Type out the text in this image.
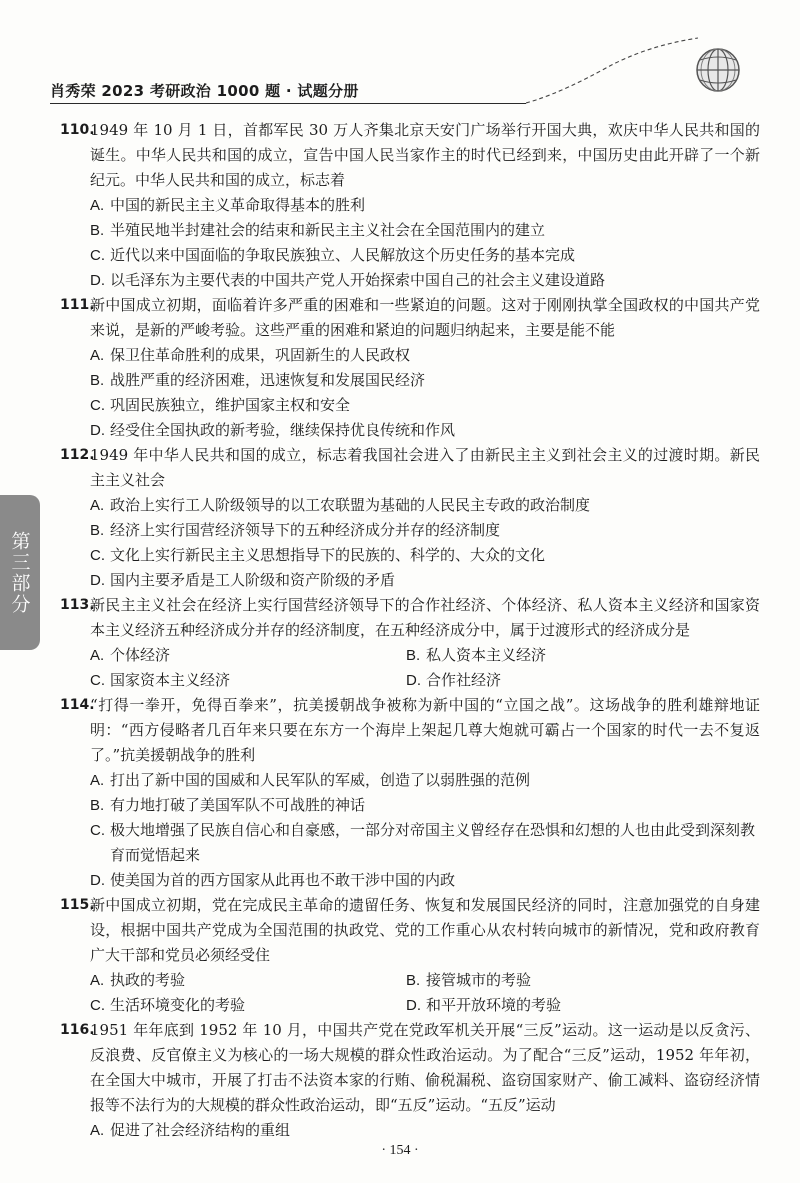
肖秀荣 2023 考研政治 1000 题 · 试题分册
第三部分
110.
1949 年 10 月 1 日，首都军民 30 万人齐集北京天安门广场举行开国大典，欢庆中华人民共和国的诞生。中华人民共和国的成立，宣告中国人民当家作主的时代已经到来，中国历史由此开辟了一个新纪元。中华人民共和国的成立，标志着
A. 中国的新民主主义革命取得基本的胜利
B. 半殖民地半封建社会的结束和新民主主义社会在全国范围内的建立
C. 近代以来中国面临的争取民族独立、人民解放这个历史任务的基本完成
D. 以毛泽东为主要代表的中国共产党人开始探索中国自己的社会主义建设道路
111.
新中国成立初期，面临着许多严重的困难和一些紧迫的问题。这对于刚刚执掌全国政权的中国共产党来说，是新的严峻考验。这些严重的困难和紧迫的问题归纳起来，主要是能不能
A. 保卫住革命胜利的成果，巩固新生的人民政权
B. 战胜严重的经济困难，迅速恢复和发展国民经济
C. 巩固民族独立，维护国家主权和安全
D. 经受住全国执政的新考验，继续保持优良传统和作风
112.
1949 年中华人民共和国的成立，标志着我国社会进入了由新民主主义到社会主义的过渡时期。新民主主义社会
A. 政治上实行工人阶级领导的以工农联盟为基础的人民民主专政的政治制度
B. 经济上实行国营经济领导下的五种经济成分并存的经济制度
C. 文化上实行新民主主义思想指导下的民族的、科学的、大众的文化
D. 国内主要矛盾是工人阶级和资产阶级的矛盾
113.
新民主主义社会在经济上实行国营经济领导下的合作社经济、个体经济、私人资本主义经济和国家资本主义经济五种经济成分并存的经济制度，在五种经济成分中，属于过渡形式的经济成分是
A. 个体经济	B. 私人资本主义经济
C. 国家资本主义经济	D. 合作社经济
114.
“打得一拳开，免得百拳来”，抗美援朝战争被称为新中国的“立国之战”。这场战争的胜利雄辩地证明：“西方侵略者几百年来只要在东方一个海岸上架起几尊大炮就可霸占一个国家的时代一去不复返了。”抗美援朝战争的胜利
A. 打出了新中国的国威和人民军队的军威，创造了以弱胜强的范例
B. 有力地打破了美国军队不可战胜的神话
C. 极大地增强了民族自信心和自豪感，一部分对帝国主义曾经存在恐惧和幻想的人也由此受到深刻教育而觉悟起来
D. 使美国为首的西方国家从此再也不敢干涉中国的内政
115.
新中国成立初期，党在完成民主革命的遗留任务、恢复和发展国民经济的同时，注意加强党的自身建设，根据中国共产党成为全国范围的执政党、党的工作重心从农村转向城市的新情况，党和政府教育广大干部和党员必须经受住
A. 执政的考验	B. 接管城市的考验
C. 生活环境变化的考验	D. 和平开放环境的考验
116.
1951 年年底到 1952 年 10 月，中国共产党在党政军机关开展“三反”运动。这一运动是以反贪污、反浪费、反官僚主义为核心的一场大规模的群众性政治运动。为了配合“三反”运动，1952 年年初，在全国大中城市，开展了打击不法资本家的行贿、偷税漏税、盗窃国家财产、偷工减料、盗窃经济情报等不法行为的大规模的群众性政治运动，即“五反”运动。“五反”运动
A. 促进了社会经济结构的重组
· 154 ·
